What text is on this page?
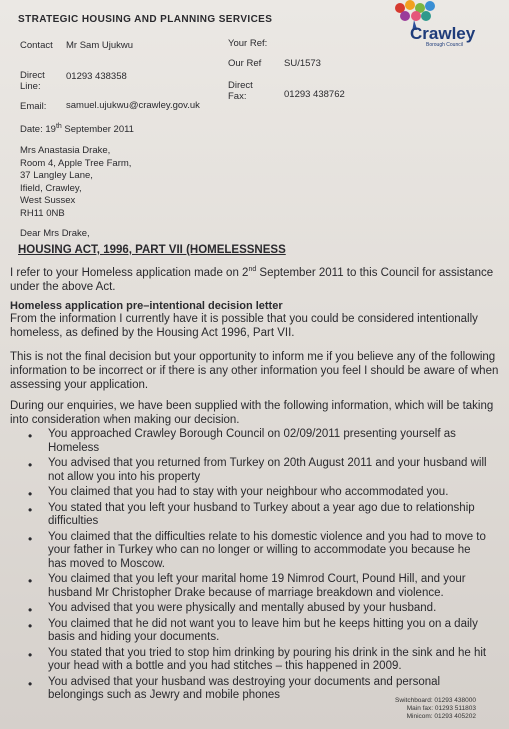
STRATEGIC HOUSING AND PLANNING SERVICES
Crawley
Borough Council
Contact Mr Sam Ujukwu	Your Ref:
Our Ref SU/1573
Direct
Line:
01293 438358
Direct
Fax:	01293 438762
Email: samuel.ujukwu@crawley.gov.uk
Date: 19th September 2011
Mrs Anastasia Drake,
Room 4, Apple Tree Farm,
37 Langley Lane,
Ifield, Crawley,
West Sussex
RH11 0NB
Dear Mrs Drake,
HOUSING ACT, 1996, PART VII (HOMELESSNESS
I refer to your Homeless application made on 2nd September 2011 to this Council for assistance under the above Act.
Homeless application pre–intentional decision letter
From the information I currently have it is possible that you could be considered intentionally homeless, as defined by the Housing Act 1996, Part VII.
This is not the final decision but your opportunity to inform me if you believe any of the following information to be incorrect or if there is any other information you feel I should be aware of when assessing your application.
During our enquiries, we have been supplied with the following information, which will be taking into consideration when making our decision.
• You approached Crawley Borough Council on 02/09/2011 presenting yourself as Homeless
• You advised that you returned from Turkey on 20th August 2011 and your husband will not allow you into his property
• You claimed that you had to stay with your neighbour who accommodated you.
• You stated that you left your husband to Turkey about a year ago due to relationship difficulties
• You claimed that the difficulties relate to his domestic violence and you had to move to your father in Turkey who can no longer or willing to accommodate you because he has moved to Moscow.
• You claimed that you left your marital home 19 Nimrod Court, Pound Hill, and your husband Mr Christopher Drake because of marriage breakdown and violence.
• You advised that you were physically and mentally abused by your husband.
• You claimed that he did not want you to leave him but he keeps hitting you on a daily basis and hiding your documents.
• You stated that you tried to stop him drinking by pouring his drink in the sink and he hit your head with a bottle and you had stitches – this happened in 2009.
• You advised that your husband was destroying your documents and personal belongings such as Jewry and mobile phones	Switchboard: 01293 438000
Main fax: 01293 511803
Minicom: 01293 405202
